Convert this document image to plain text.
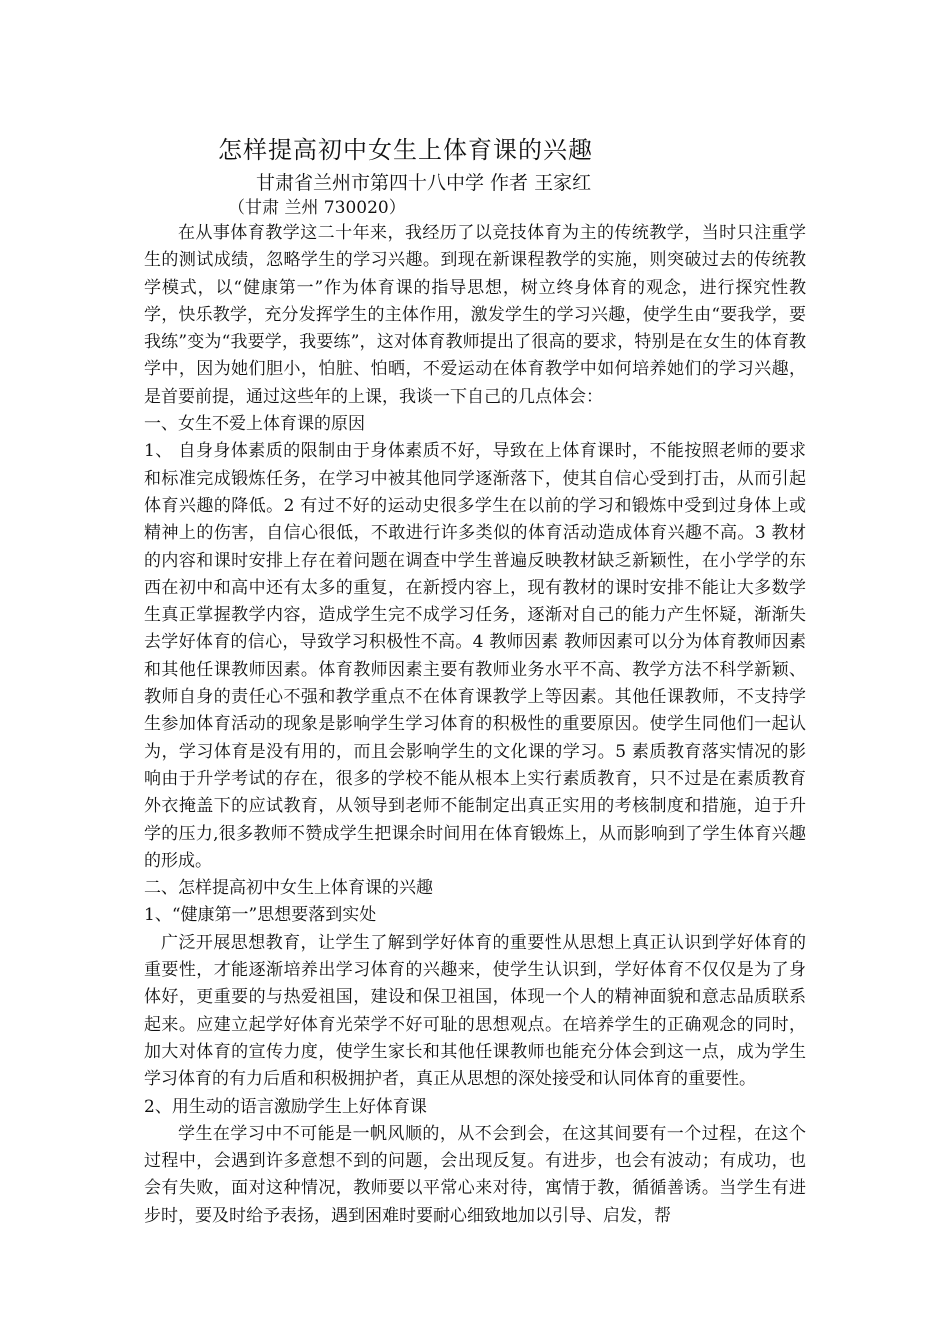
怎样提高初中女生上体育课的兴趣
甘肃省兰州市第四十八中学 作者 王家红
（甘肃 兰州 730020）

在从事体育教学这二十年来，我经历了以竞技体育为主的传统教学，当时只注重学生的测试成绩，忽略学生的学习兴趣。到现在新课程教学的实施，则突破过去的传统教学模式，以“健康第一”作为体育课的指导思想，树立终身体育的观念，进行探究性教学，快乐教学，充分发挥学生的主体作用，激发学生的学习兴趣，使学生由“要我学，要我练”变为“我要学，我要练”，这对体育教师提出了很高的要求，特别是在女生的体育教学中，因为她们胆小，怕脏、怕晒，不爱运动在体育教学中如何培养她们的学习兴趣，是首要前提，通过这些年的上课，我谈一下自己的几点体会：

一、女生不爱上体育课的原因

1、 自身身体素质的限制由于身体素质不好，导致在上体育课时，不能按照老师的要求和标准完成锻炼任务，在学习中被其他同学逐渐落下，使其自信心受到打击，从而引起体育兴趣的降低。2 有过不好的运动史很多学生在以前的学习和锻炼中受到过身体上或精神上的伤害，自信心很低，不敢进行许多类似的体育活动造成体育兴趣不高。3 教材的内容和课时安排上存在着问题在调查中学生普遍反映教材缺乏新颖性，在小学学的东西在初中和高中还有太多的重复，在新授内容上，现有教材的课时安排不能让大多数学生真正掌握教学内容，造成学生完不成学习任务，逐渐对自己的能力产生怀疑，渐渐失去学好体育的信心，导致学习积极性不高。4 教师因素 教师因素可以分为体育教师因素和其他任课教师因素。体育教师因素主要有教师业务水平不高、教学方法不科学新颖、教师自身的责任心不强和教学重点不在体育课教学上等因素。其他任课教师，不支持学生参加体育活动的现象是影响学生学习体育的积极性的重要原因。使学生同他们一起认为，学习体育是没有用的，而且会影响学生的文化课的学习。5 素质教育落实情况的影响由于升学考试的存在，很多的学校不能从根本上实行素质教育，只不过是在素质教育外衣掩盖下的应试教育，从领导到老师不能制定出真正实用的考核制度和措施，迫于升学的压力,很多教师不赞成学生把课余时间用在体育锻炼上，从而影响到了学生体育兴趣的形成。

二、怎样提高初中女生上体育课的兴趣
1、“健康第一”思想要落到实处

广泛开展思想教育，让学生了解到学好体育的重要性从思想上真正认识到学好体育的重要性，才能逐渐培养出学习体育的兴趣来，使学生认识到，学好体育不仅仅是为了身体好，更重要的与热爱祖国，建设和保卫祖国，体现一个人的精神面貌和意志品质联系起来。应建立起学好体育光荣学不好可耻的思想观点。在培养学生的正确观念的同时，加大对体育的宣传力度，使学生家长和其他任课教师也能充分体会到这一点，成为学生学习体育的有力后盾和积极拥护者，真正从思想的深处接受和认同体育的重要性。

2、用生动的语言激励学生上好体育课

学生在学习中不可能是一帆风顺的，从不会到会，在这其间要有一个过程，在这个过程中，会遇到许多意想不到的问题，会出现反复。有进步，也会有波动；有成功，也会有失败，面对这种情况，教师要以平常心来对待，寓情于教，循循善诱。当学生有进步时，要及时给予表扬，遇到困难时要耐心细致地加以引导、启发，帮
